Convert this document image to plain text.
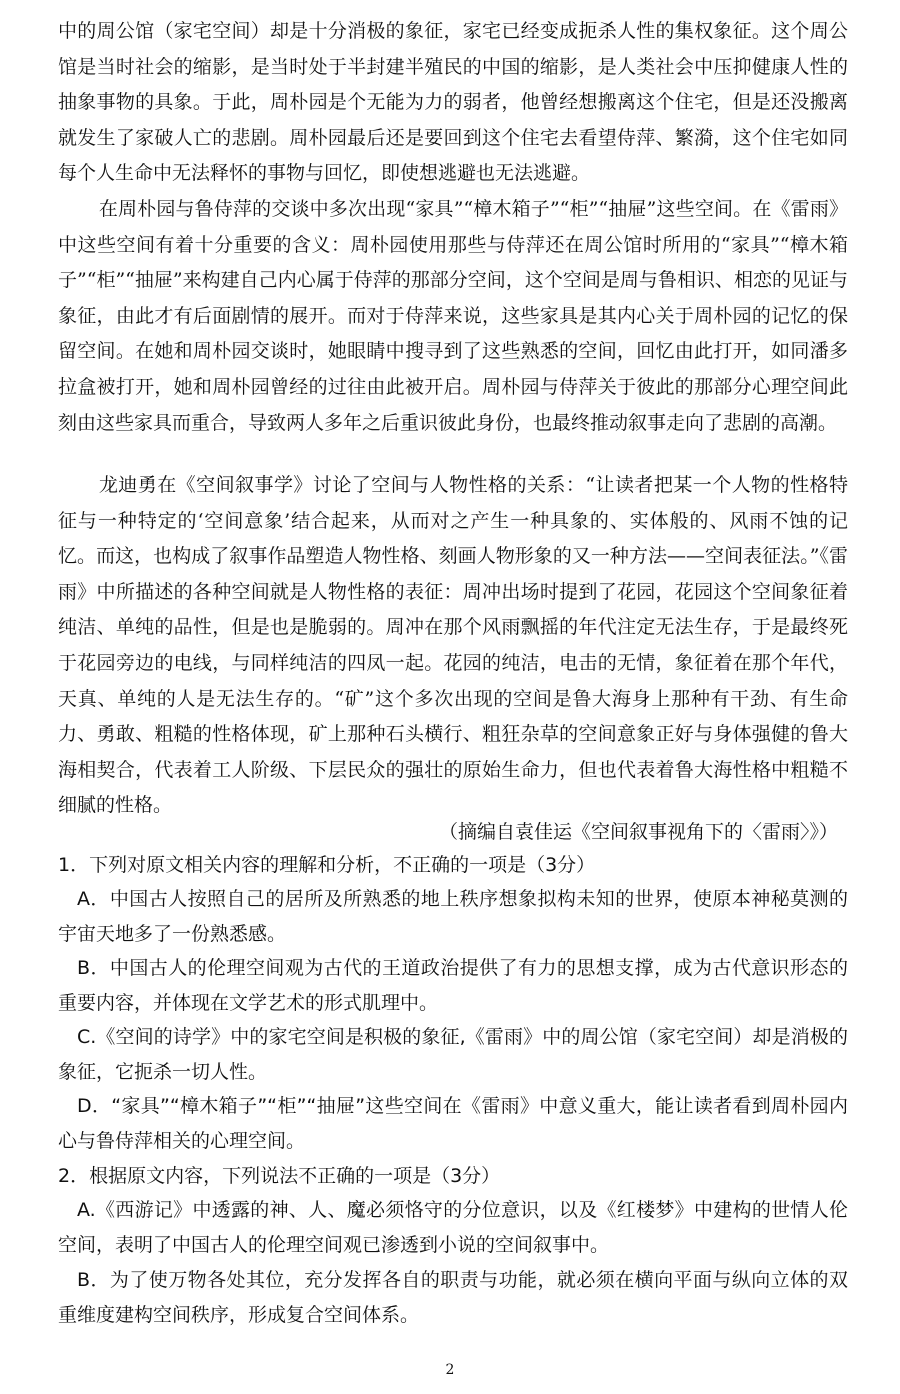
中的周公馆（家宅空间）却是十分消极的象征，家宅已经变成扼杀人性的集权象征。这个周公馆是当时社会的缩影，是当时处于半封建半殖民的中国的缩影，是人类社会中压抑健康人性的抽象事物的具象。于此，周朴园是个无能为力的弱者，他曾经想搬离这个住宅，但是还没搬离就发生了家破人亡的悲剧。周朴园最后还是要回到这个住宅去看望侍萍、繁漪，这个住宅如同每个人生命中无法释怀的事物与回忆，即使想逃避也无法逃避。

在周朴园与鲁侍萍的交谈中多次出现“家具”“樟木箱子”“柜”“抽屉”这些空间。在《雷雨》中这些空间有着十分重要的含义：周朴园使用那些与侍萍还在周公馆时所用的“家具”“樟木箱子”“柜”“抽屉”来构建自己内心属于侍萍的那部分空间，这个空间是周与鲁相识、相恋的见证与象征，由此才有后面剧情的展开。而对于侍萍来说，这些家具是其内心关于周朴园的记忆的保留空间。在她和周朴园交谈时，她眼睛中搜寻到了这些熟悉的空间，回忆由此打开，如同潘多拉盒被打开，她和周朴园曾经的过往由此被开启。周朴园与侍萍关于彼此的那部分心理空间此刻由这些家具而重合，导致两人多年之后重识彼此身份，也最终推动叙事走向了悲剧的高潮。

龙迪勇在《空间叙事学》讨论了空间与人物性格的关系：“让读者把某一个人物的性格特征与一种特定的‘空间意象’结合起来，从而对之产生一种具象的、实体般的、风雨不蚀的记忆。而这，也构成了叙事作品塑造人物性格、刻画人物形象的又一种方法——空间表征法。”《雷雨》中所描述的各种空间就是人物性格的表征：周冲出场时提到了花园，花园这个空间象征着纯洁、单纯的品性，但是也是脆弱的。周冲在那个风雨飘摇的年代注定无法生存，于是最终死于花园旁边的电线，与同样纯洁的四凤一起。花园的纯洁，电击的无情，象征着在那个年代，天真、单纯的人是无法生存的。“矿”这个多次出现的空间是鲁大海身上那种有干劲、有生命力、勇敢、粗糙的性格体现，矿上那种石头横行、粗狂杂草的空间意象正好与身体强健的鲁大海相契合，代表着工人阶级、下层民众的强壮的原始生命力，但也代表着鲁大海性格中粗糙不细腻的性格。

（摘编自袁佳运《空间叙事视角下的〈雷雨〉》）

1．下列对原文相关内容的理解和分析，不正确的一项是（3分）

A．中国古人按照自己的居所及所熟悉的地上秩序想象拟构未知的世界，使原本神秘莫测的宇宙天地多了一份熟悉感。

B．中国古人的伦理空间观为古代的王道政治提供了有力的思想支撑，成为古代意识形态的重要内容，并体现在文学艺术的形式肌理中。

C.《空间的诗学》中的家宅空间是积极的象征,《雷雨》中的周公馆（家宅空间）却是消极的象征，它扼杀一切人性。

D．“家具”“樟木箱子”“柜”“抽屉”这些空间在《雷雨》中意义重大，能让读者看到周朴园内心与鲁侍萍相关的心理空间。

2．根据原文内容，下列说法不正确的一项是（3分）

A.《西游记》中透露的神、人、魔必须恪守的分位意识，以及《红楼梦》中建构的世情人伦空间，表明了中国古人的伦理空间观已渗透到小说的空间叙事中。

B．为了使万物各处其位，充分发挥各自的职责与功能，就必须在横向平面与纵向立体的双重维度建构空间秩序，形成复合空间体系。

2
